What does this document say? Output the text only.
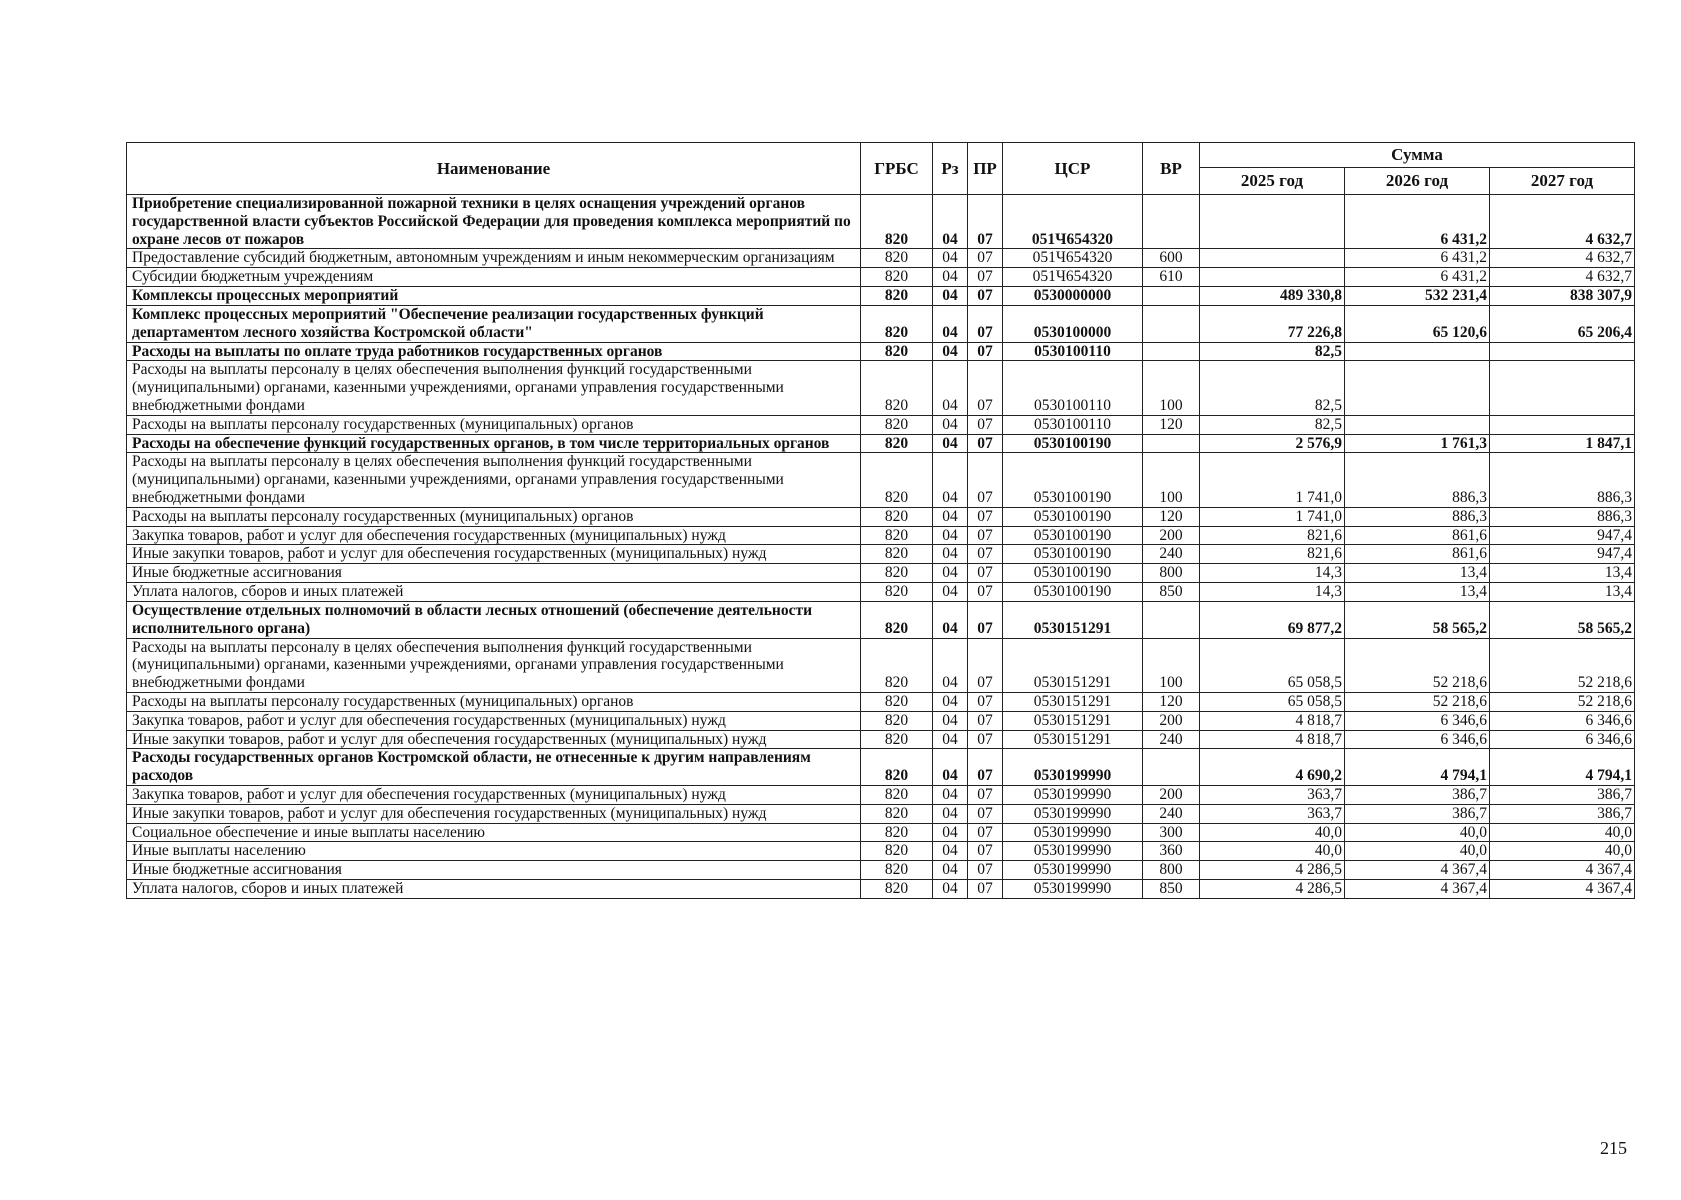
Наименование	ГРБС	Рз	ПР	ЦСР	ВР	Сумма		
						2025 год	2026 год	2027 год
Приобретение специализированной пожарной техники в целях оснащения учреждений органов государственной власти субъектов Российской Федерации для проведения комплекса мероприятий по охране лесов от пожаров	820	04	07	051Ч654320			6 431,2	4 632,7
Предоставление субсидий бюджетным, автономным учреждениям и иным некоммерческим организациям	820	04	07	051Ч654320	600		6 431,2	4 632,7
Субсидии бюджетным учреждениям	820	04	07	051Ч654320	610		6 431,2	4 632,7
Комплексы процессных мероприятий	820	04	07	0530000000		489 330,8	532 231,4	838 307,9
Комплекс процессных мероприятий "Обеспечение реализации государственных функций департаментом лесного хозяйства Костромской области"	820	04	07	0530100000		77 226,8	65 120,6	65 206,4
Расходы на выплаты по оплате труда работников государственных органов	820	04	07	0530100110		82,5		
Расходы на выплаты персоналу в целях обеспечения выполнения функций государственными (муниципальными) органами, казенными учреждениями, органами управления государственными внебюджетными фондами	820	04	07	0530100110	100	82,5		
Расходы на выплаты персоналу государственных (муниципальных) органов	820	04	07	0530100110	120	82,5		
Расходы на обеспечение функций государственных органов, в том числе территориальных органов	820	04	07	0530100190		2 576,9	1 761,3	1 847,1
Расходы на выплаты персоналу в целях обеспечения выполнения функций государственными (муниципальными) органами, казенными учреждениями, органами управления государственными внебюджетными фондами	820	04	07	0530100190	100	1 741,0	886,3	886,3
Расходы на выплаты персоналу государственных (муниципальных) органов	820	04	07	0530100190	120	1 741,0	886,3	886,3
Закупка товаров, работ и услуг для обеспечения государственных (муниципальных) нужд	820	04	07	0530100190	200	821,6	861,6	947,4
Иные закупки товаров, работ и услуг для обеспечения государственных (муниципальных) нужд	820	04	07	0530100190	240	821,6	861,6	947,4
Иные бюджетные ассигнования	820	04	07	0530100190	800	14,3	13,4	13,4
Уплата налогов, сборов и иных платежей	820	04	07	0530100190	850	14,3	13,4	13,4
Осуществление отдельных полномочий в области лесных отношений (обеспечение деятельности исполнительного органа)	820	04	07	0530151291		69 877,2	58 565,2	58 565,2
Расходы на выплаты персоналу в целях обеспечения выполнения функций государственными (муниципальными) органами, казенными учреждениями, органами управления государственными внебюджетными фондами	820	04	07	0530151291	100	65 058,5	52 218,6	52 218,6
Расходы на выплаты персоналу государственных (муниципальных) органов	820	04	07	0530151291	120	65 058,5	52 218,6	52 218,6
Закупка товаров, работ и услуг для обеспечения государственных (муниципальных) нужд	820	04	07	0530151291	200	4 818,7	6 346,6	6 346,6
Иные закупки товаров, работ и услуг для обеспечения государственных (муниципальных) нужд	820	04	07	0530151291	240	4 818,7	6 346,6	6 346,6
Расходы государственных органов Костромской области, не отнесенные к другим направлениям расходов	820	04	07	0530199990		4 690,2	4 794,1	4 794,1
Закупка товаров, работ и услуг для обеспечения государственных (муниципальных) нужд	820	04	07	0530199990	200	363,7	386,7	386,7
Иные закупки товаров, работ и услуг для обеспечения государственных (муниципальных) нужд	820	04	07	0530199990	240	363,7	386,7	386,7
Социальное обеспечение и иные выплаты населению	820	04	07	0530199990	300	40,0	40,0	40,0
Иные выплаты населению	820	04	07	0530199990	360	40,0	40,0	40,0
Иные бюджетные ассигнования	820	04	07	0530199990	800	4 286,5	4 367,4	4 367,4
Уплата налогов, сборов и иных платежей	820	04	07	0530199990	850	4 286,5	4 367,4	4 367,4
215
